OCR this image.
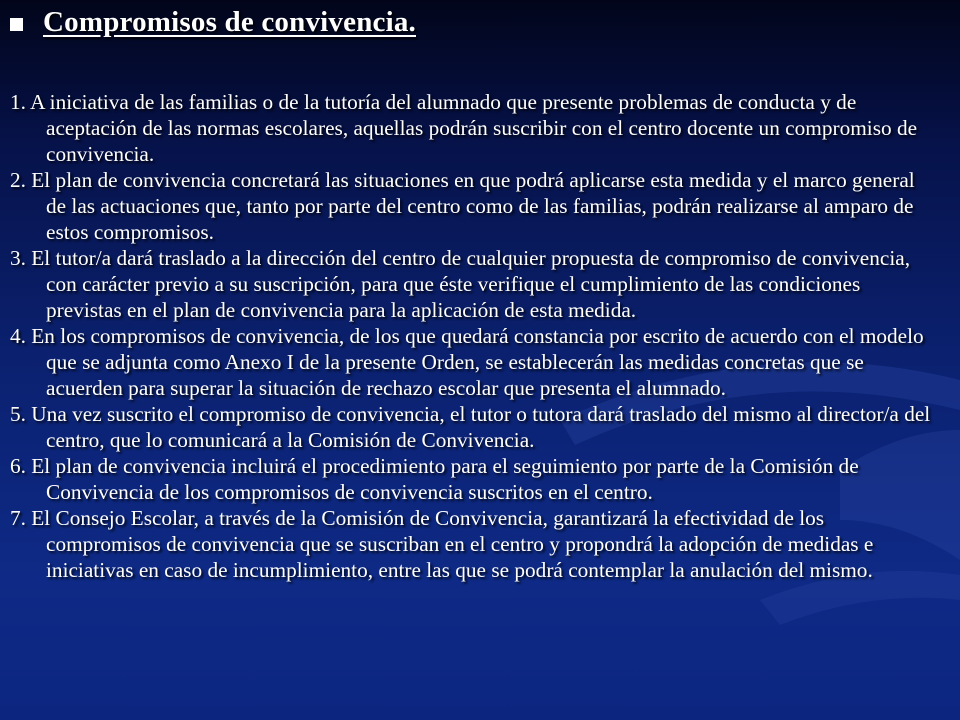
Compromisos de convivencia.

1. A iniciativa de las familias o de la tutoría del alumnado que presente problemas de conducta y de aceptación de las normas escolares, aquellas podrán suscribir con el centro docente un compromiso de convivencia.

2. El plan de convivencia concretará las situaciones en que podrá aplicarse esta medida y el marco general de las actuaciones que, tanto por parte del centro como de las familias, podrán realizarse al amparo de estos compromisos.

3. El tutor/a dará traslado a la dirección del centro de cualquier propuesta de compromiso de convivencia, con carácter previo a su suscripción, para que éste verifique el cumplimiento de las condiciones previstas en el plan de convivencia para la aplicación de esta medida.

4. En los compromisos de convivencia, de los que quedará constancia por escrito de acuerdo con el modelo que se adjunta como Anexo I de la presente Orden, se establecerán las medidas concretas que se acuerden para superar la situación de rechazo escolar que presenta el alumnado.

5. Una vez suscrito el compromiso de convivencia, el tutor o tutora dará traslado del mismo al director/a del centro, que lo comunicará a la Comisión de Convivencia.

6. El plan de convivencia incluirá el procedimiento para el seguimiento por parte de la Comisión de Convivencia de los compromisos de convivencia suscritos en el centro.

7. El Consejo Escolar, a través de la Comisión de Convivencia, garantizará la efectividad de los compromisos de convivencia que se suscriban en el centro y propondrá la adopción de medidas e iniciativas en caso de incumplimiento, entre las que se podrá contemplar la anulación del mismo.
